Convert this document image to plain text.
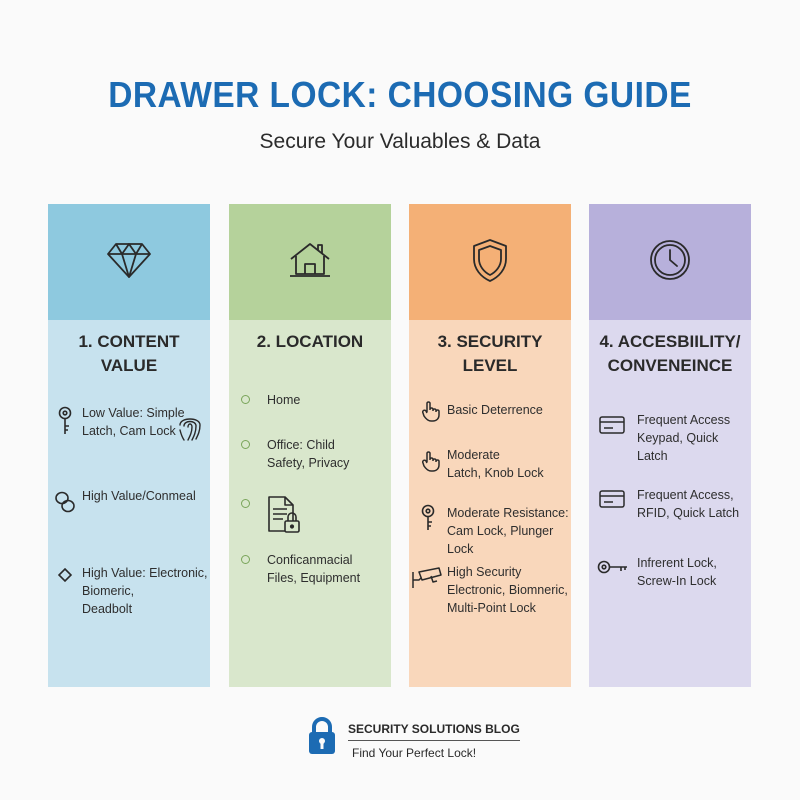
DRAWER LOCK: CHOOSING GUIDE
Secure Your Valuables & Data
1. CONTENT
VALUE
Low Value: Simple
Latch, Cam Lock
High Value/Conmeal
High Value: Electronic,
Biomeric,
Deadbolt
2. LOCATION
Home
Office: Child
Safety, Privacy
Conficanmacial
Files, Equipment
3. SECURITY
LEVEL
Basic Deterrence
Moderate
Latch, Knob Lock
Moderate Resistance:
Cam Lock, Plunger Lock
High Security
Electronic, Biomneric,
Multi-Point Lock
4. ACCESBIILITY/
CONVENEINCE
Frequent Access
Keypad, Quick Latch
Frequent Access,
RFID, Quick Latch
Infrerent Lock,
Screw-In Lock
SECURITY SOLUTIONS BLOG
Find Your Perfect Lock!
